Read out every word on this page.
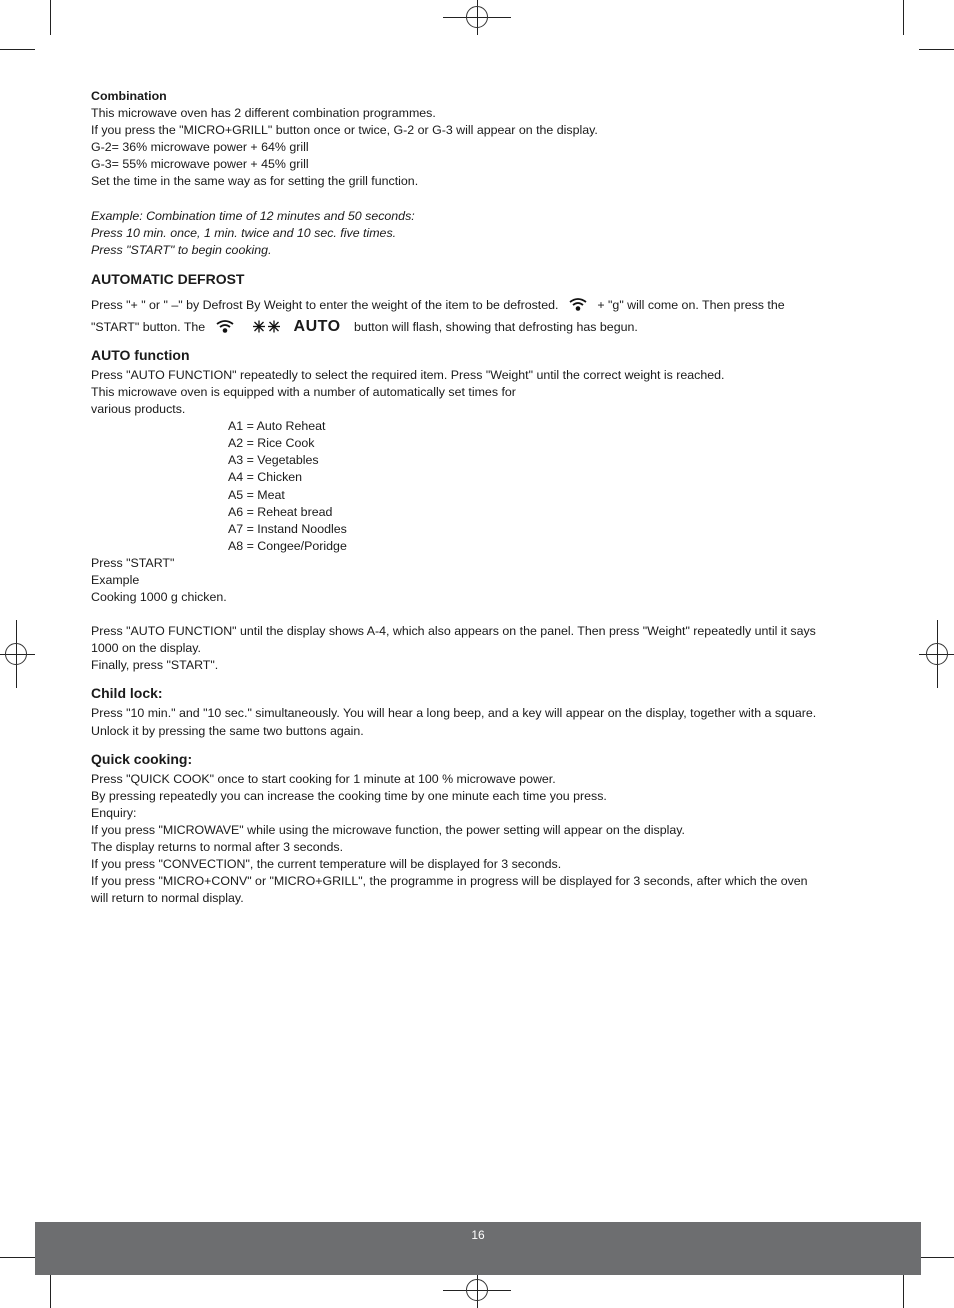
Combination
This microwave oven has 2 different combination programmes.
If you press the "MICRO+GRILL" button once or twice, G-2 or G-3 will appear on the display.
G-2= 36% microwave power + 64% grill
G-3= 55% microwave power + 45% grill
Set the time in the same way as for setting the grill function.
Example: Combination time of 12 minutes and 50 seconds:
Press 10 min. once, 1 min. twice and 10 sec. five times.
Press "START" to begin cooking.
AUTOMATIC DEFROST
Press "+ " or " –" by Defrost By Weight to enter the weight of the item to be defrosted.	+ "g" will come on. Then press the
"START" button. The	AUTO button will flash, showing that defrosting has begun.
AUTO function
Press "AUTO FUNCTION" repeatedly to select the required item. Press "Weight" until the correct weight is reached.
This microwave oven is equipped with a number of automatically set times for
various products.
A1 = Auto Reheat
A2 = Rice Cook
A3 = Vegetables
A4 = Chicken
A5 = Meat
A6 = Reheat bread
A7 = Instand Noodles
A8 = Congee/Poridge
Press "START"
Example
Cooking 1000 g chicken.
Press "AUTO FUNCTION" until the display shows A-4, which also appears on the panel. Then press "Weight" repeatedly until it says
1000 on the display.
Finally, press "START".
Child lock:
Press "10 min." and "10 sec." simultaneously. You will hear a long beep, and a key will appear on the display, together with a square.
Unlock it by pressing the same two buttons again.
Quick cooking:
Press "QUICK COOK" once to start cooking for 1 minute at 100 % microwave power.
By pressing repeatedly you can increase the cooking time by one minute each time you press.
Enquiry:
If you press "MICROWAVE" while using the microwave function, the power setting will appear on the display.
The display returns to normal after 3 seconds.
If you press "CONVECTION", the current temperature will be displayed for 3 seconds.
If you press "MICRO+CONV" or "MICRO+GRILL", the programme in progress will be displayed for 3 seconds, after which the oven
will return to normal display.
16
